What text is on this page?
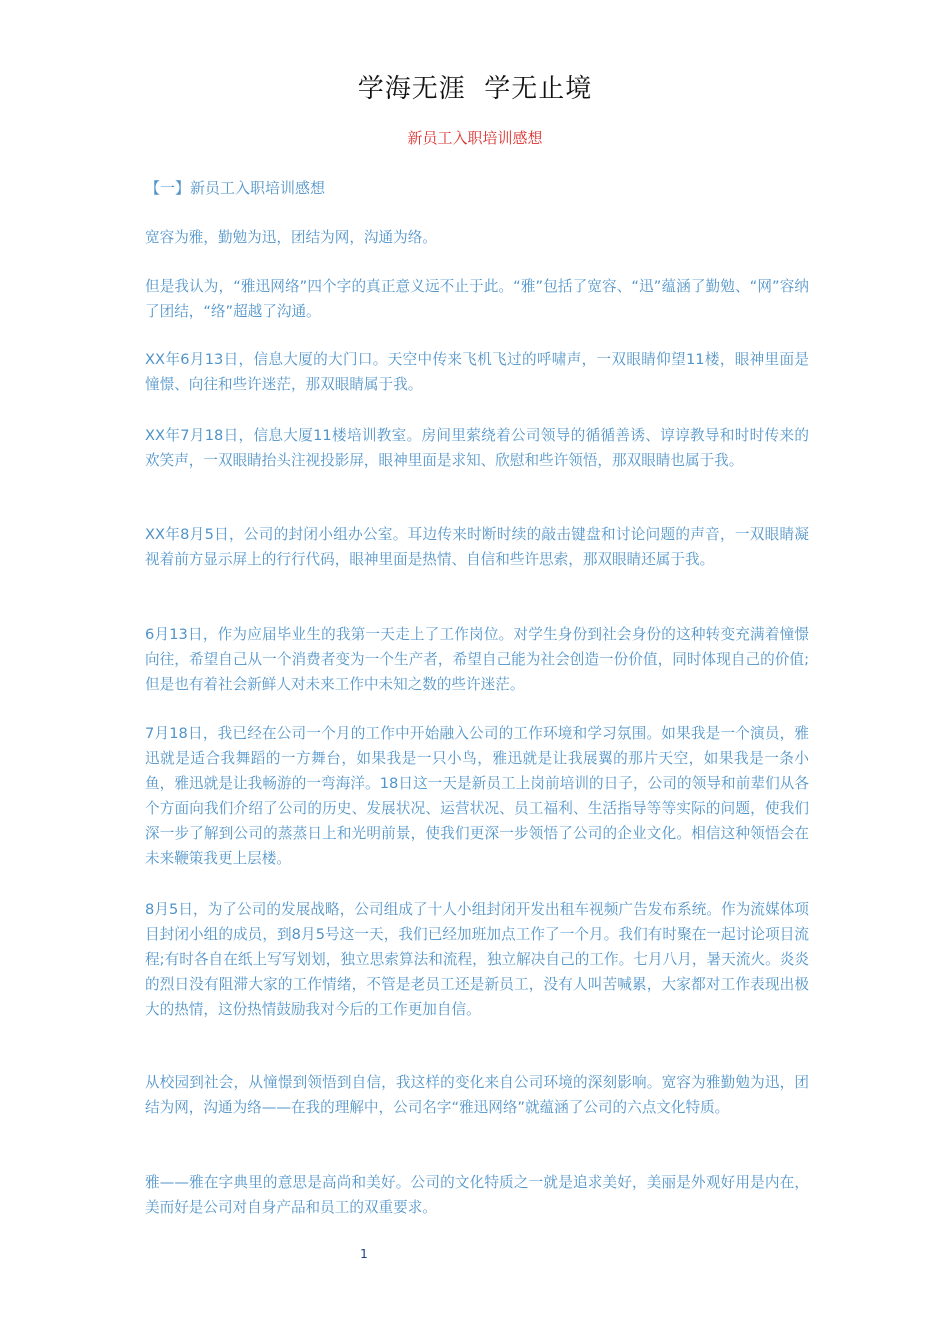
学海无涯  学无止境
新员工入职培训感想
【一】新员工入职培训感想

宽容为雅，勤勉为迅，团结为网，沟通为络。

但是我认为，“雅迅网络”四个字的真正意义远不止于此。“雅”包括了宽容、“迅”蕴涵了勤勉、“网”容纳了团结，“络”超越了沟通。

XX年6月13日，信息大厦的大门口。天空中传来飞机飞过的呼啸声，一双眼睛仰望11楼，眼神里面是憧憬、向往和些许迷茫，那双眼睛属于我。

XX年7月18日，信息大厦11楼培训教室。房间里萦绕着公司领导的循循善诱、谆谆教导和时时传来的欢笑声，一双眼睛抬头注视投影屏，眼神里面是求知、欣慰和些许领悟，那双眼睛也属于我。

XX年8月5日，公司的封闭小组办公室。耳边传来时断时续的敲击键盘和讨论问题的声音，一双眼睛凝视着前方显示屏上的行行代码，眼神里面是热情、自信和些许思索，那双眼睛还属于我。

6月13日，作为应届毕业生的我第一天走上了工作岗位。对学生身份到社会身份的这种转变充满着憧憬向往，希望自己从一个消费者变为一个生产者，希望自己能为社会创造一份价值，同时体现自己的价值;但是也有着社会新鲜人对未来工作中未知之数的些许迷茫。

7月18日，我已经在公司一个月的工作中开始融入公司的工作环境和学习氛围。如果我是一个演员，雅迅就是适合我舞蹈的一方舞台，如果我是一只小鸟，雅迅就是让我展翼的那片天空，如果我是一条小鱼，雅迅就是让我畅游的一弯海洋。18日这一天是新员工上岗前培训的日子，公司的领导和前辈们从各个方面向我们介绍了公司的历史、发展状况、运营状况、员工福利、生活指导等等实际的问题，使我们深一步了解到公司的蒸蒸日上和光明前景，使我们更深一步领悟了公司的企业文化。相信这种领悟会在未来鞭策我更上层楼。

8月5日，为了公司的发展战略，公司组成了十人小组封闭开发出租车视频广告发布系统。作为流媒体项目封闭小组的成员，到8月5号这一天，我们已经加班加点工作了一个月。我们有时聚在一起讨论项目流程;有时各自在纸上写写划划，独立思索算法和流程，独立解决自己的工作。七月八月，暑天流火。炎炎的烈日没有阻滞大家的工作情绪，不管是老员工还是新员工，没有人叫苦喊累，大家都对工作表现出极大的热情，这份热情鼓励我对今后的工作更加自信。

从校园到社会，从憧憬到领悟到自信，我这样的变化来自公司环境的深刻影响。宽容为雅勤勉为迅，团结为网，沟通为络——在我的理解中，公司名字“雅迅网络”就蕴涵了公司的六点文化特质。

雅——雅在字典里的意思是高尚和美好。公司的文化特质之一就是追求美好，美丽是外观好用是内在，美而好是公司对自身产品和员工的双重要求。

1
